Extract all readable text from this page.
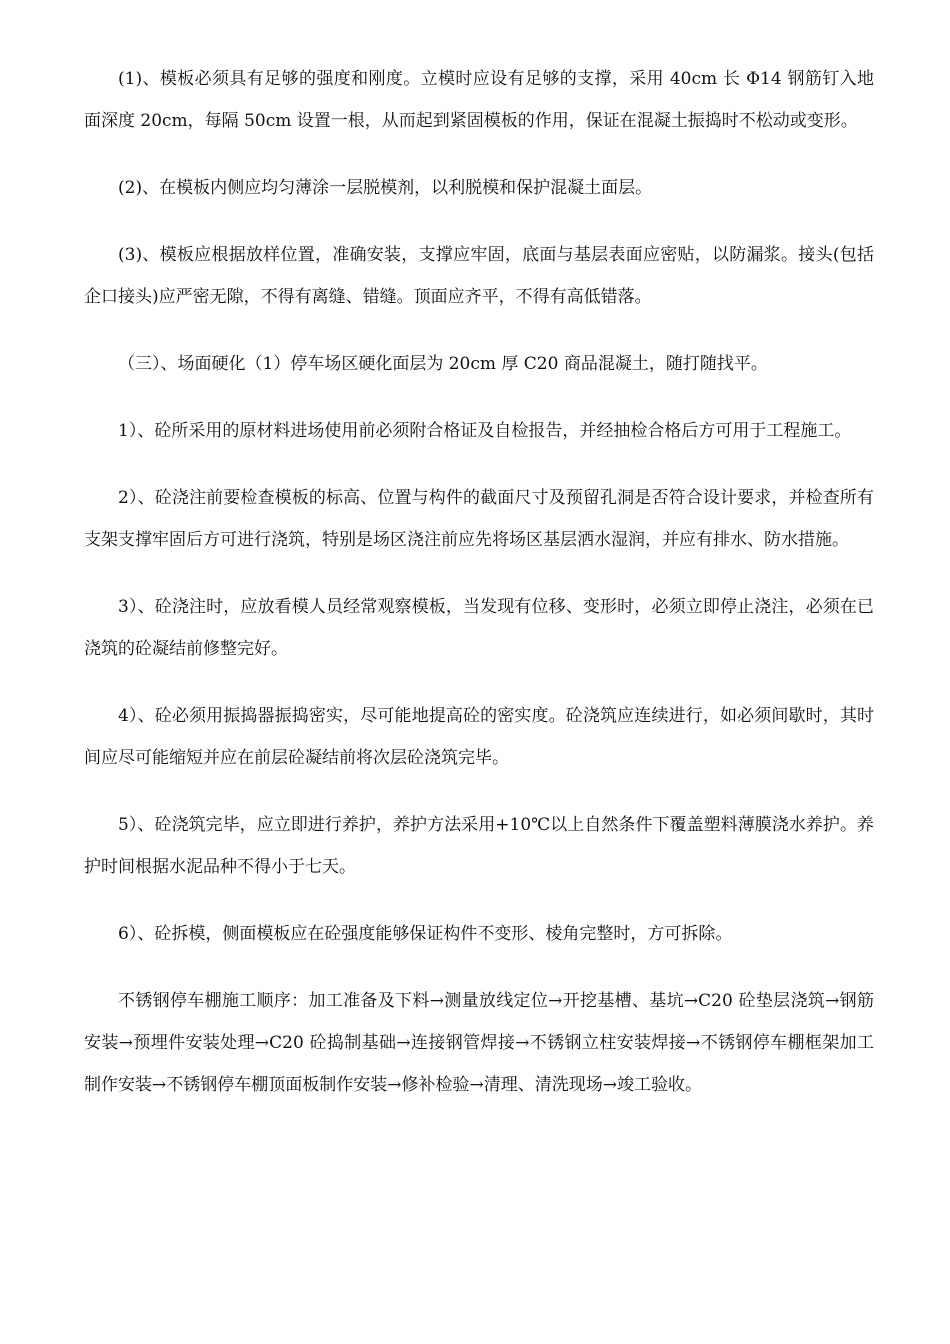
(1)、模板必须具有足够的强度和刚度。立模时应设有足够的支撑，采用 40cm 长 Φ14 钢筋钉入地面深度 20cm，每隔 50cm 设置一根，从而起到紧固模板的作用，保证在混凝土振捣时不松动或变形。

(2)、在模板内侧应均匀薄涂一层脱模剂，以利脱模和保护混凝土面层。

(3)、模板应根据放样位置，准确安装，支撑应牢固，底面与基层表面应密贴，以防漏浆。接头(包括企口接头)应严密无隙，不得有离缝、错缝。顶面应齐平，不得有高低错落。

（三）、场面硬化（1）停车场区硬化面层为 20cm 厚 C20 商品混凝土，随打随找平。

1）、砼所采用的原材料进场使用前必须附合格证及自检报告，并经抽检合格后方可用于工程施工。

2）、砼浇注前要检查模板的标高、位置与构件的截面尺寸及预留孔洞是否符合设计要求，并检查所有支架支撑牢固后方可进行浇筑，特别是场区浇注前应先将场区基层洒水湿润，并应有排水、防水措施。

3）、砼浇注时，应放看模人员经常观察模板，当发现有位移、变形时，必须立即停止浇注，必须在已浇筑的砼凝结前修整完好。

4）、砼必须用振捣器振捣密实，尽可能地提高砼的密实度。砼浇筑应连续进行，如必须间歇时，其时间应尽可能缩短并应在前层砼凝结前将次层砼浇筑完毕。

5）、砼浇筑完毕，应立即进行养护，养护方法采用+10℃以上自然条件下覆盖塑料薄膜浇水养护。养护时间根据水泥品种不得小于七天。

6）、砼拆模，侧面模板应在砼强度能够保证构件不变形、棱角完整时，方可拆除。

不锈钢停车棚施工顺序：加工准备及下料→测量放线定位→开挖基槽、基坑→C20 砼垫层浇筑→钢筋安装→预埋件安装处理→C20 砼捣制基础→连接钢管焊接→不锈钢立柱安装焊接→不锈钢停车棚框架加工制作安装→不锈钢停车棚顶面板制作安装→修补检验→清理、清洗现场→竣工验收。
